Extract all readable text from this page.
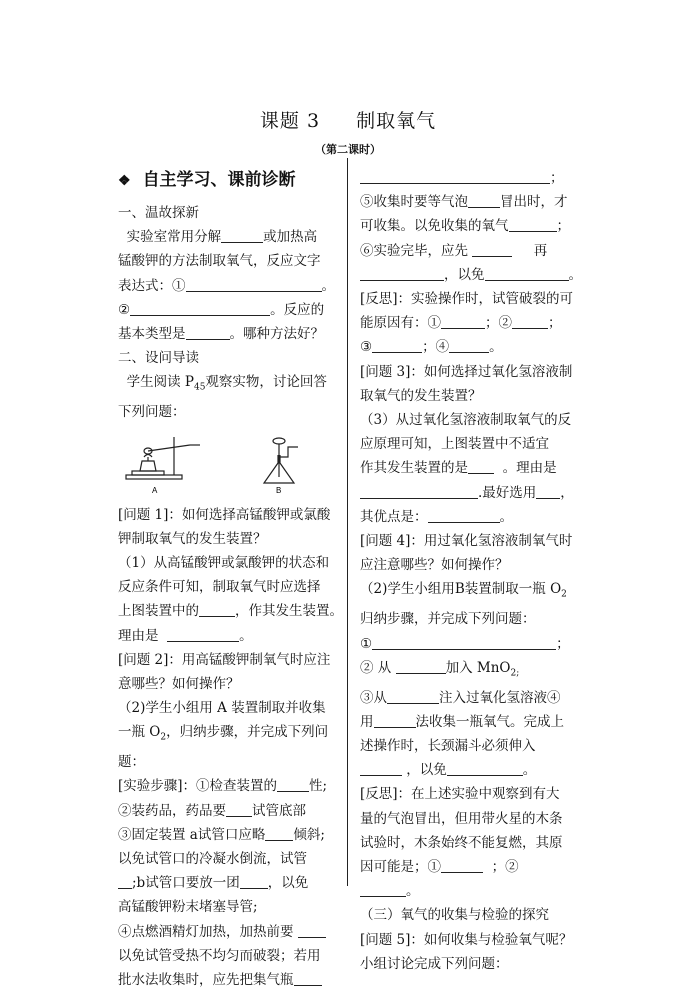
课题 3 制取氧气
（第二课时）

❖ 自主学习、课前诊断

一、温故探新

实验室常用分解	或加热高

锰酸钾的方法制取氧气，反应文字

表达式：①	。

②	。反应的

基本类型是	。哪种方法好？

二、设问导读

学生阅读 $P_{45}$观察实物，讨论回答

下列问题：

A	B

[问题 1]：如何选择高锰酸钾或氯酸

钾制取氧气的发生装置？

（1）从高锰酸钾或氯酸钾的状态和

反应条件可知，制取氧气时应选择

上图装置中的	，作其发生装置。

理由是	。

[问题 2]：用高锰酸钾制氧气时应注

意哪些？如何操作？

（2)学生小组用 A 装置制取并收集

一瓶 $O_2$，归纳步骤，并完成下列问

题：

[实验步骤]：①检查装置的 性;

②装药品，药品要 试管底部

③固定装置 a试管口应略 倾斜;

以免试管口的冷凝水倒流，试管

;b试管口要放一团 ，以免

高锰酸钾粉末堵塞导管;

④点燃酒精灯加热，加热前要

以免试管受热不均匀而破裂；若用

批水法收集时，应先把集气瓶

；

⑤收集时要等气泡 冒出时，才

可收集。以免收集的氧气	；

⑥实验完毕，应先	再

，以免	。

[反思]：实验操作时，试管破裂的可

能原因有：①	；②	；

③	；④	。

[问题 3]：如何选择过氧化氢溶液制

取氧气的发生装置？

（3）从过氧化氢溶液制取氧气的反

应原理可知，上图装置中不适宜

作其发生装置的是	。理由是

.最好选用 ，

其优点是：	。

[问题 4]：用过氧化氢溶液制氧气时

应注意哪些？如何操作？

（2)学生小组用B装置制取一瓶 $O_2$

归纳步骤，并完成下列问题：

①	；

② 从	加入 MnO$_{2;}$

③从	注入过氧化氢溶液④

用	法收集一瓶氧气。完成上

述操作时，长颈漏斗必须伸入

，以免	。

[反思]：在上述实验中观察到有大

量的气泡冒出，但用带火星的木条

试验时，木条始终不能复燃，其原

因可能是；①	；②

。

（三）氧气的收集与检验的探究

[问题 5]：如何收集与检验氧气呢？

小组讨论完成下列问题：
